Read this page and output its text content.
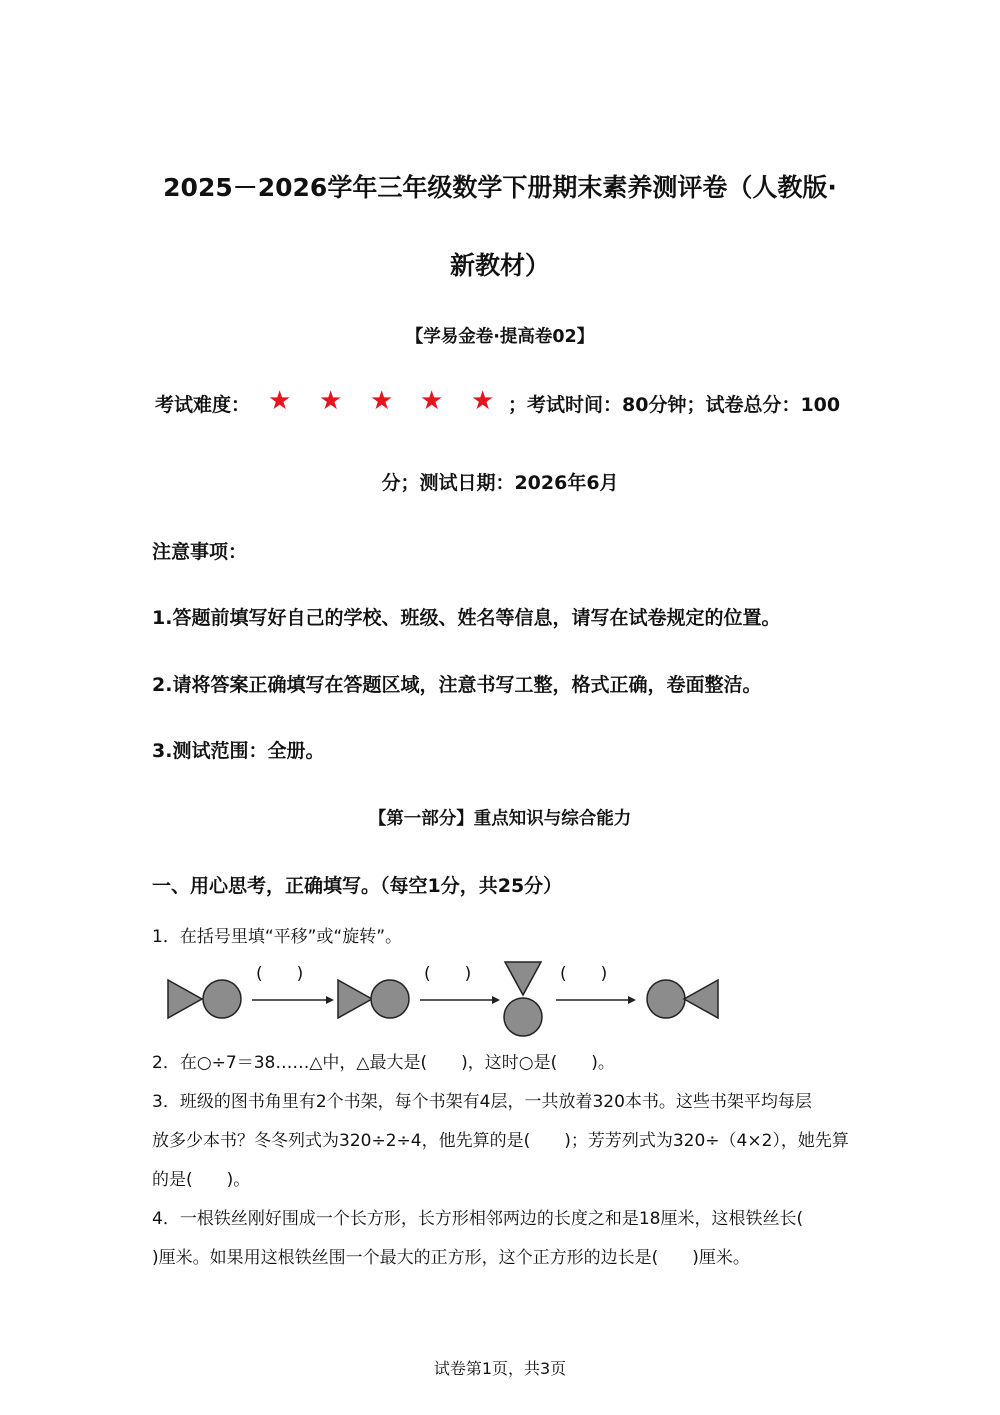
2025－2026学年三年级数学下册期末素养测评卷（人教版·
新教材）
【学易金卷·提高卷02】
考试难度： ★ ★ ★ ★ ★ ；考试时间：80分钟；试卷总分：100
分；测试日期：2026年6月
注意事项：
1.答题前填写好自己的学校、班级、姓名等信息，请写在试卷规定的位置。
2.请将答案正确填写在答题区域，注意书写工整，格式正确，卷面整洁。
3.测试范围：全册。
【第一部分】重点知识与综合能力
一、用心思考，正确填写。（每空1分，共25分）
1．在括号里填“平移”或“旋转”。
(　　)	(　　)	(　　)
2．在○÷7＝38……△中，△最大是(　　)，这时○是(　　)。
3．班级的图书角里有2个书架，每个书架有4层，一共放着320本书。这些书架平均每层
放多少本书？冬冬列式为320÷2÷4，他先算的是(　　)；芳芳列式为320÷（4×2），她先算
的是(　　)。
4．一根铁丝刚好围成一个长方形，长方形相邻两边的长度之和是18厘米，这根铁丝长(
)厘米。如果用这根铁丝围一个最大的正方形，这个正方形的边长是(　　)厘米。
试卷第1页，共3页
